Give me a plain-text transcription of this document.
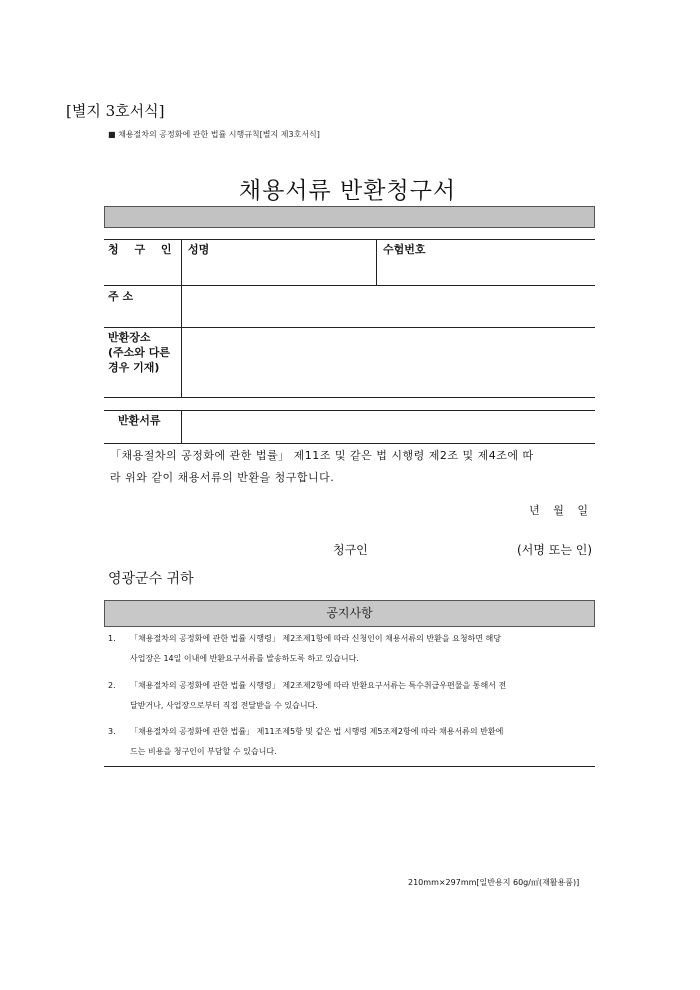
[별지 3호서식]
■ 채용절차의 공정화에 관한 법률 시행규칙[별지 제3호서식]
채용서류 반환청구서
청 구 인 성명	수험번호
주 소
반환장소
(주소와 다른
경우 기재)
반환서류
「채용절차의 공정화에 관한 법률」 제11조 및 같은 법 시행령 제2조 및 제4조에 따
라 위와 같이 채용서류의 반환을 청구합니다.
년 월 일
청구인	(서명 또는 인)
영광군수 귀하
공지사항
1. 「채용절차의 공정화에 관한 법률 시행령」 제2조제1항에 따라 신청인이 채용서류의 반환을 요청하면 해당
사업장은 14일 이내에 반환요구서류를 발송하도록 하고 있습니다.
2. 「채용절차의 공정화에 관한 법률 시행령」 제2조제2항에 따라 반환요구서류는 특수취급우편물을 통해서 전
달받거나, 사업장으로부터 직접 전달받을 수 있습니다.
3. 「채용절차의 공정화에 관한 법률」 제11조제5항 및 같은 법 시행령 제5조제2항에 따라 채용서류의 반환에
드는 비용을 청구인이 부담할 수 있습니다.
210mm×297mm[일반용지 60g/㎡(재활용품)]
